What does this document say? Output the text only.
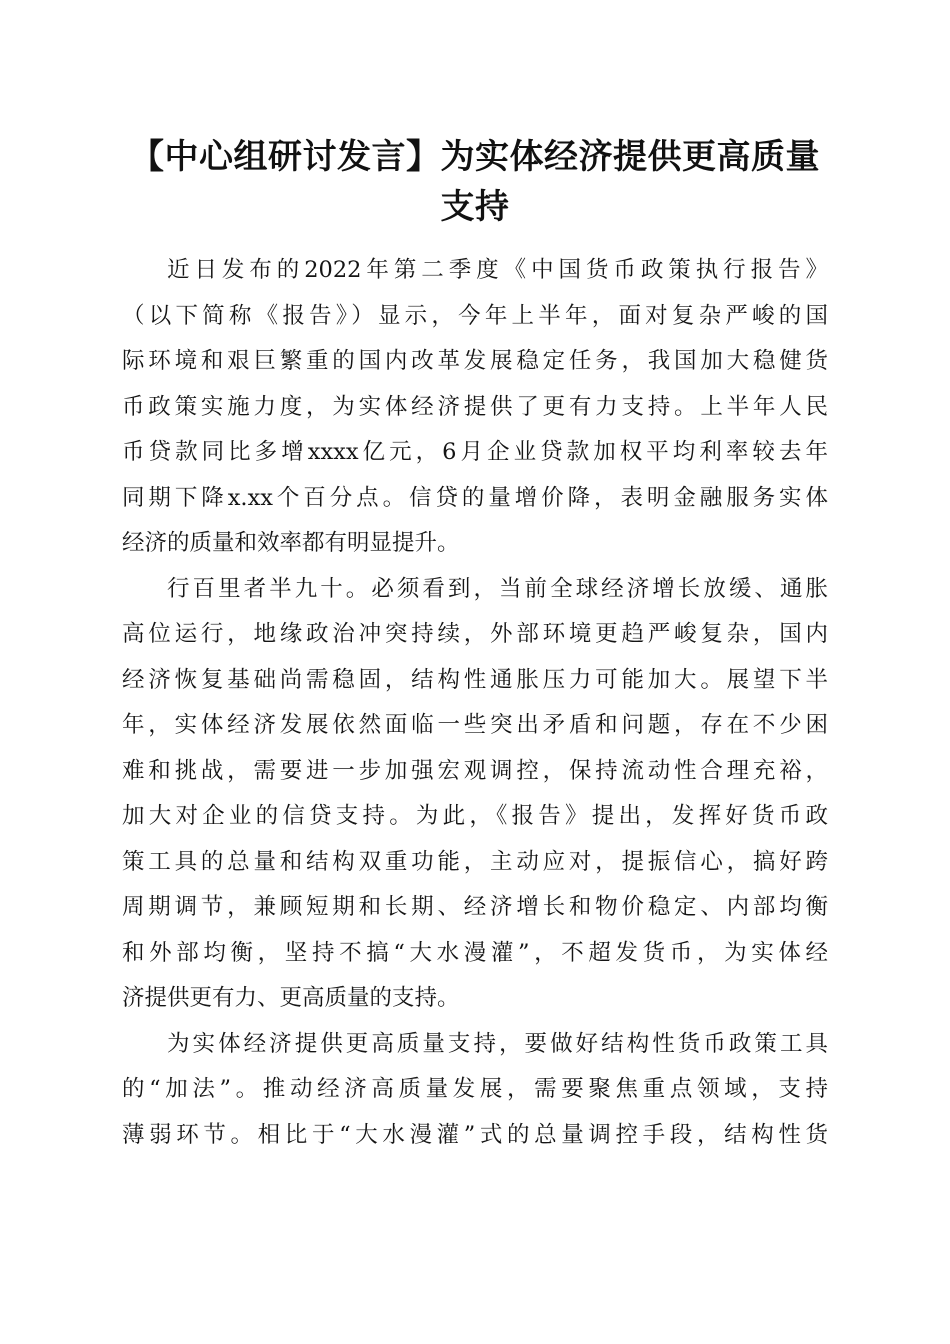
【中心组研讨发言】为实体经济提供更高质量
支持
近日发布的2022年第二季度《中国货币政策执行报告》
（以下简称《报告》）显示，今年上半年，面对复杂严峻的国
际环境和艰巨繁重的国内改革发展稳定任务，我国加大稳健货
币政策实施力度，为实体经济提供了更有力支持。上半年人民
币贷款同比多增xxxx亿元，6月企业贷款加权平均利率较去年
同期下降x.xx个百分点。信贷的量增价降，表明金融服务实体
经济的质量和效率都有明显提升。
行百里者半九十。必须看到，当前全球经济增长放缓、通胀
高位运行，地缘政治冲突持续，外部环境更趋严峻复杂，国内
经济恢复基础尚需稳固，结构性通胀压力可能加大。展望下半
年，实体经济发展依然面临一些突出矛盾和问题，存在不少困
难和挑战，需要进一步加强宏观调控，保持流动性合理充裕，
加大对企业的信贷支持。为此，《报告》提出，发挥好货币政
策工具的总量和结构双重功能，主动应对，提振信心，搞好跨
周期调节，兼顾短期和长期、经济增长和物价稳定、内部均衡
和外部均衡，坚持不搞“大水漫灌”，不超发货币，为实体经
济提供更有力、更高质量的支持。
为实体经济提供更高质量支持，要做好结构性货币政策工具
的“加法”。推动经济高质量发展，需要聚焦重点领域，支持
薄弱环节。相比于“大水漫灌”式的总量调控手段，结构性货
